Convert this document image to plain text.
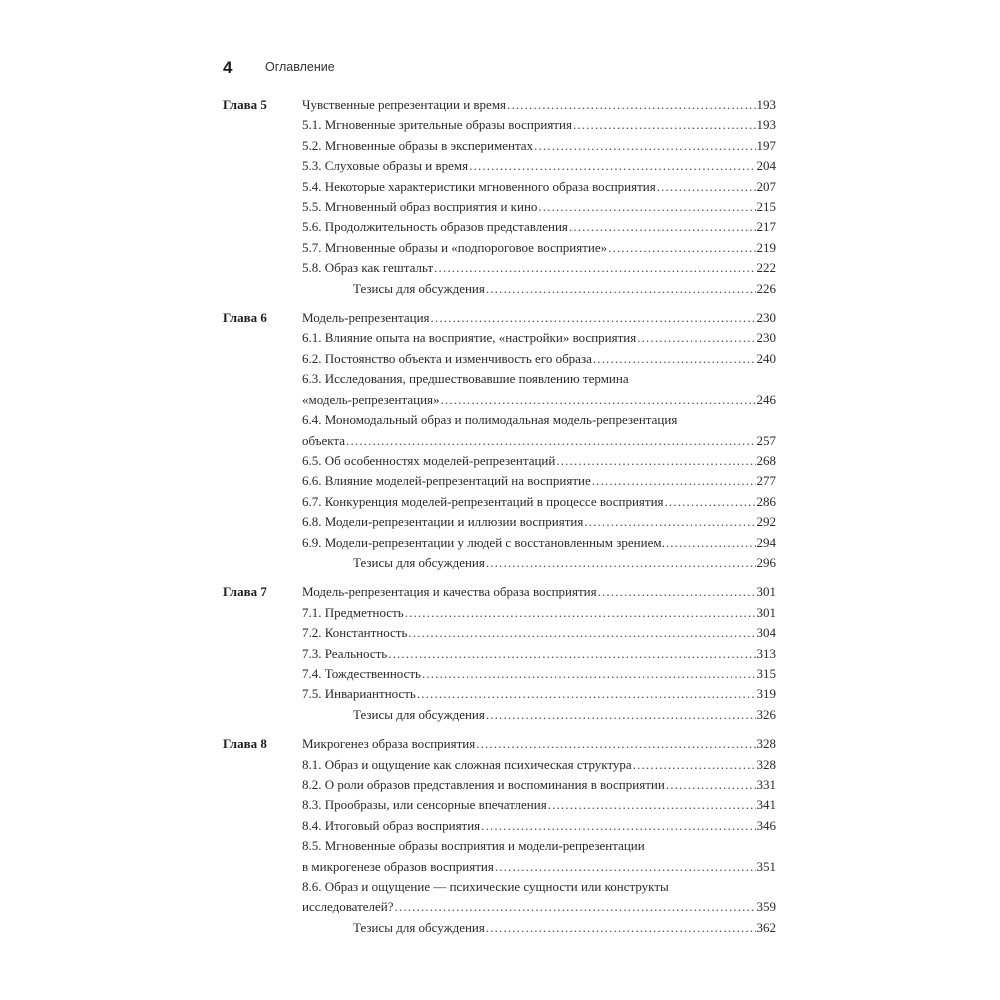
4	Оглавление
Глава 5	Чувственные репрезентации и время . . .	193
5.1. Мгновенные зрительные образы восприятия . . .	193
5.2. Мгновенные образы в экспериментах . . .	197
5.3. Слуховые образы и время . . .	204
5.4. Некоторые характеристики мгновенного образа восприятия . . .	207
5.5. Мгновенный образ восприятия и кино . . .	215
5.6. Продолжительность образов представления . . .	217
5.7. Мгновенные образы и «подпороговое восприятие» . . .	219
5.8. Образ как гештальт . . .	222
Тезисы для обсуждения . . .	226
Глава 6	Модель-репрезентация . . .	230
6.1. Влияние опыта на восприятие, «настройки» восприятия . . .	230
6.2. Постоянство объекта и изменчивость его образа . . .	240
6.3. Исследования, предшествовавшие появлению термина
«модель-репрезентация» . . .	246
6.4. Мономодальный образ и полимодальная модель-репрезентация
объекта . . .	257
6.5. Об особенностях моделей-репрезентаций . . .	268
6.6. Влияние моделей-репрезентаций на восприятие . . .	277
6.7. Конкуренция моделей-репрезентаций в процессе восприятия . . .	286
6.8. Модели-репрезентации и иллюзии восприятия . . .	292
6.9. Модели-репрезентации у людей с восстановленным зрением. . . .	294
Тезисы для обсуждения . . .	296
Глава 7	Модель-репрезентация и качества образа восприятия . . .	301
7.1. Предметность . . .	301
7.2. Константность . . .	304
7.3. Реальность . . .	313
7.4. Тождественность . . .	315
7.5. Инвариантность . . .	319
Тезисы для обсуждения . . .	326
Глава 8	Микрогенез образа восприятия . . .	328
8.1. Образ и ощущение как сложная психическая структура . . .	328
8.2. О роли образов представления и воспоминания в восприятии . . .	331
8.3. Прообразы, или сенсорные впечатления . . .	341
8.4. Итоговый образ восприятия . . .	346
8.5. Мгновенные образы восприятия и модели-репрезентации
в микрогенезе образов восприятия . . .	351
8.6. Образ и ощущение — психические сущности или конструкты
исследователей? . . .	359
Тезисы для обсуждения . . .	362
